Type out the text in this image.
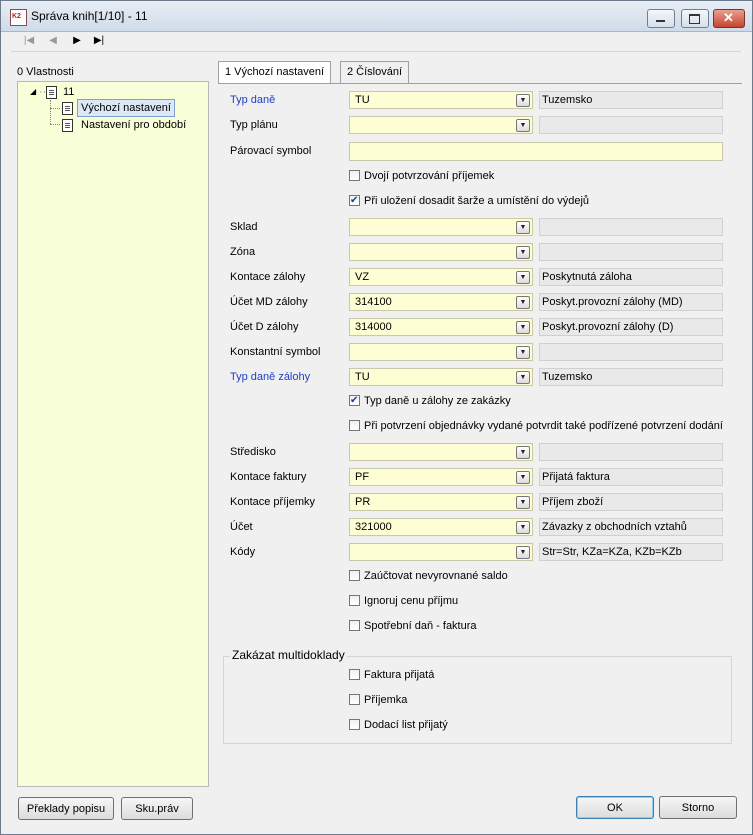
K2 Správa knih[1/10] - 11	✕
|◀	◀	▶	▶|
0 Vlastnosti
◢ ·· 11
Výchozí nastavení
Nastavení pro období
1 Výchozí nastavení	2 Číslování
Typ daně	TU	▼	Tuzemsko
Typ plánu	▼
Párovací symbol
Dvojí potvrzování příjemek
✔
Při uložení dosadit šarže a umístění do výdejů
Sklad	▼
Zóna	▼
Kontace zálohy	VZ	▼	Poskytnutá záloha
Účet MD zálohy	314100	▼	Poskyt.provozní zálohy (MD)
Účet D zálohy	314000	▼	Poskyt.provozní zálohy (D)
Konstantní symbol	▼
Typ daně zálohy	TU	▼	Tuzemsko
✔
Typ daně u zálohy ze zakázky
Při potvrzení objednávky vydané potvrdit také podřízené potvrzení dodání
Středisko	▼
Kontace faktury	PF	▼	Přijatá faktura
Kontace příjemky	PR	▼	Příjem zboží
Účet	321000	▼	Závazky z obchodních vztahů
Kódy	▼	Str=Str, KZa=KZa, KZb=KZb
Zaúčtovat nevyrovnané saldo
Ignoruj cenu příjmu
Spotřební daň - faktura
Zakázat multidoklady
Faktura přijatá
Příjemka
Dodací list přijatý
Překlady popisu	Sku.práv	OK	Storno
